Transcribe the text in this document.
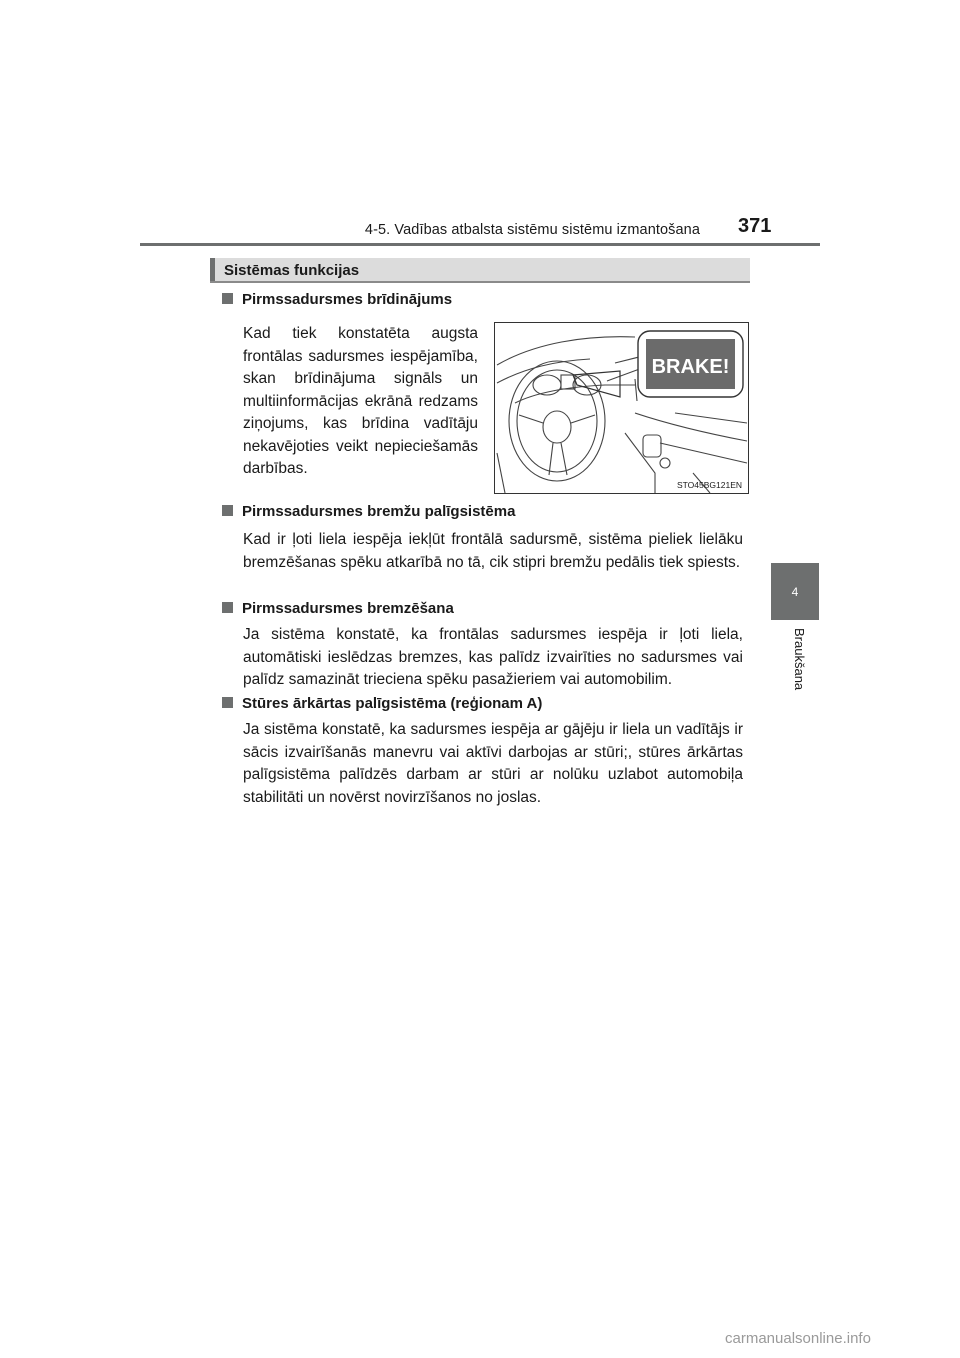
4-5. Vadības atbalsta sistēmu sistēmu izmantošana 371
4
Braukšana
Sistēmas funkcijas
Pirmssadursmes brīdinājums
Kad tiek konstatēta augsta frontālas sadursmes iespējamība, skan brīdinājuma signāls un multiinformācijas ekrānā redzams ziņojums, kas brīdina vadītāju nekavējoties veikt nepieciešamās darbības.
BRAKE!
STO45BG121EN
Pirmssadursmes bremžu palīgsistēma
Kad ir ļoti liela iespēja iekļūt frontālā sadursmē, sistēma pieliek lielāku bremzēšanas spēku atkarībā no tā, cik stipri bremžu pedālis tiek spiests.
Pirmssadursmes bremzēšana
Ja sistēma konstatē, ka frontālas sadursmes iespēja ir ļoti liela, automātiski ieslēdzas bremzes, kas palīdz izvairīties no sadursmes vai palīdz samazināt trieciena spēku pasažieriem vai automobilim.
Stūres ārkārtas palīgsistēma (reģionam A)
Ja sistēma konstatē, ka sadursmes iespēja ar gājēju ir liela un vadītājs ir sācis izvairīšanās manevru vai aktīvi darbojas ar stūri;, stūres ārkārtas palīgsistēma palīdzēs darbam ar stūri ar nolūku uzlabot automobiļa stabilitāti un novērst novirzīšanos no joslas.
carmanualsonline.info
